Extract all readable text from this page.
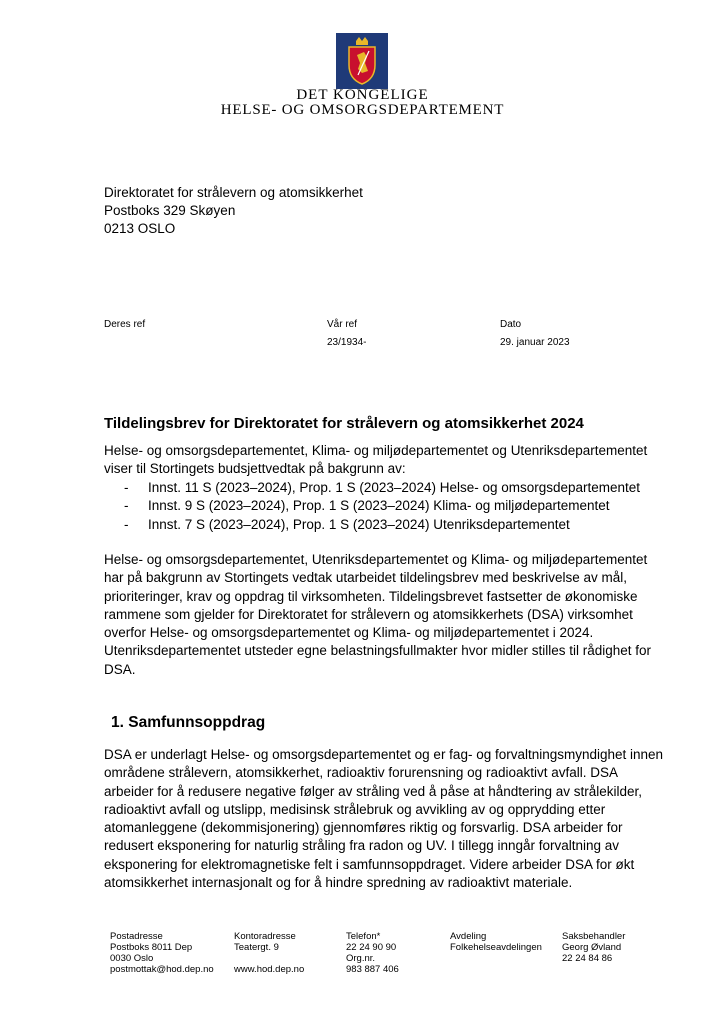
DET KONGELIGE
HELSE- OG OMSORGSDEPARTEMENT
Direktoratet for strålevern og atomsikkerhet
Postboks 329 Skøyen
0213 OSLO
Deres ref	Vår ref
23/1934-
Dato
29. januar 2023
Tildelingsbrev for Direktoratet for strålevern og atomsikkerhet 2024

Helse- og omsorgsdepartementet, Klima- og miljødepartementet og Utenriksdepartementet viser til Stortingets budsjettvedtak på bakgrunn av:

- Innst. 11 S (2023–2024), Prop. 1 S (2023–2024) Helse- og omsorgsdepartementet
- Innst. 9 S (2023–2024), Prop. 1 S (2023–2024) Klima- og miljødepartementet
- Innst. 7 S (2023–2024), Prop. 1 S (2023–2024) Utenriksdepartementet

Helse- og omsorgsdepartementet, Utenriksdepartementet og Klima- og miljødepartementet har på bakgrunn av Stortingets vedtak utarbeidet tildelingsbrev med beskrivelse av mål, prioriteringer, krav og oppdrag til virksomheten. Tildelingsbrevet fastsetter de økonomiske rammene som gjelder for Direktoratet for strålevern og atomsikkerhets (DSA) virksomhet overfor Helse- og omsorgsdepartementet og Klima- og miljødepartementet i 2024. Utenriksdepartementet utsteder egne belastningsfullmakter hvor midler stilles til rådighet for DSA.

1. Samfunnsoppdrag

DSA er underlagt Helse- og omsorgsdepartementet og er fag- og forvaltningsmyndighet innen områdene strålevern, atomsikkerhet, radioaktiv forurensning og radioaktivt avfall. DSA arbeider for å redusere negative følger av stråling ved å påse at håndtering av strålekilder, radioaktivt avfall og utslipp, medisinsk strålebruk og avvikling av og opprydding etter atomanleggene (dekommisjonering) gjennomføres riktig og forsvarlig. DSA arbeider for redusert eksponering for naturlig stråling fra radon og UV. I tillegg inngår forvaltning av eksponering for elektromagnetiske felt i samfunnsoppdraget. Videre arbeider DSA for økt atomsikkerhet internasjonalt og for å hindre spredning av radioaktivt materiale.

Postadresse
Postboks 8011 Dep
0030 Oslo
postmottak@hod.dep.no
Kontoradresse
Teatergt. 9
www.hod.dep.no
Telefon*
22 24 90 90
Org.nr.
983 887 406
Avdeling
Folkehelseavdelingen
Saksbehandler
Georg Øvland
22 24 84 86
